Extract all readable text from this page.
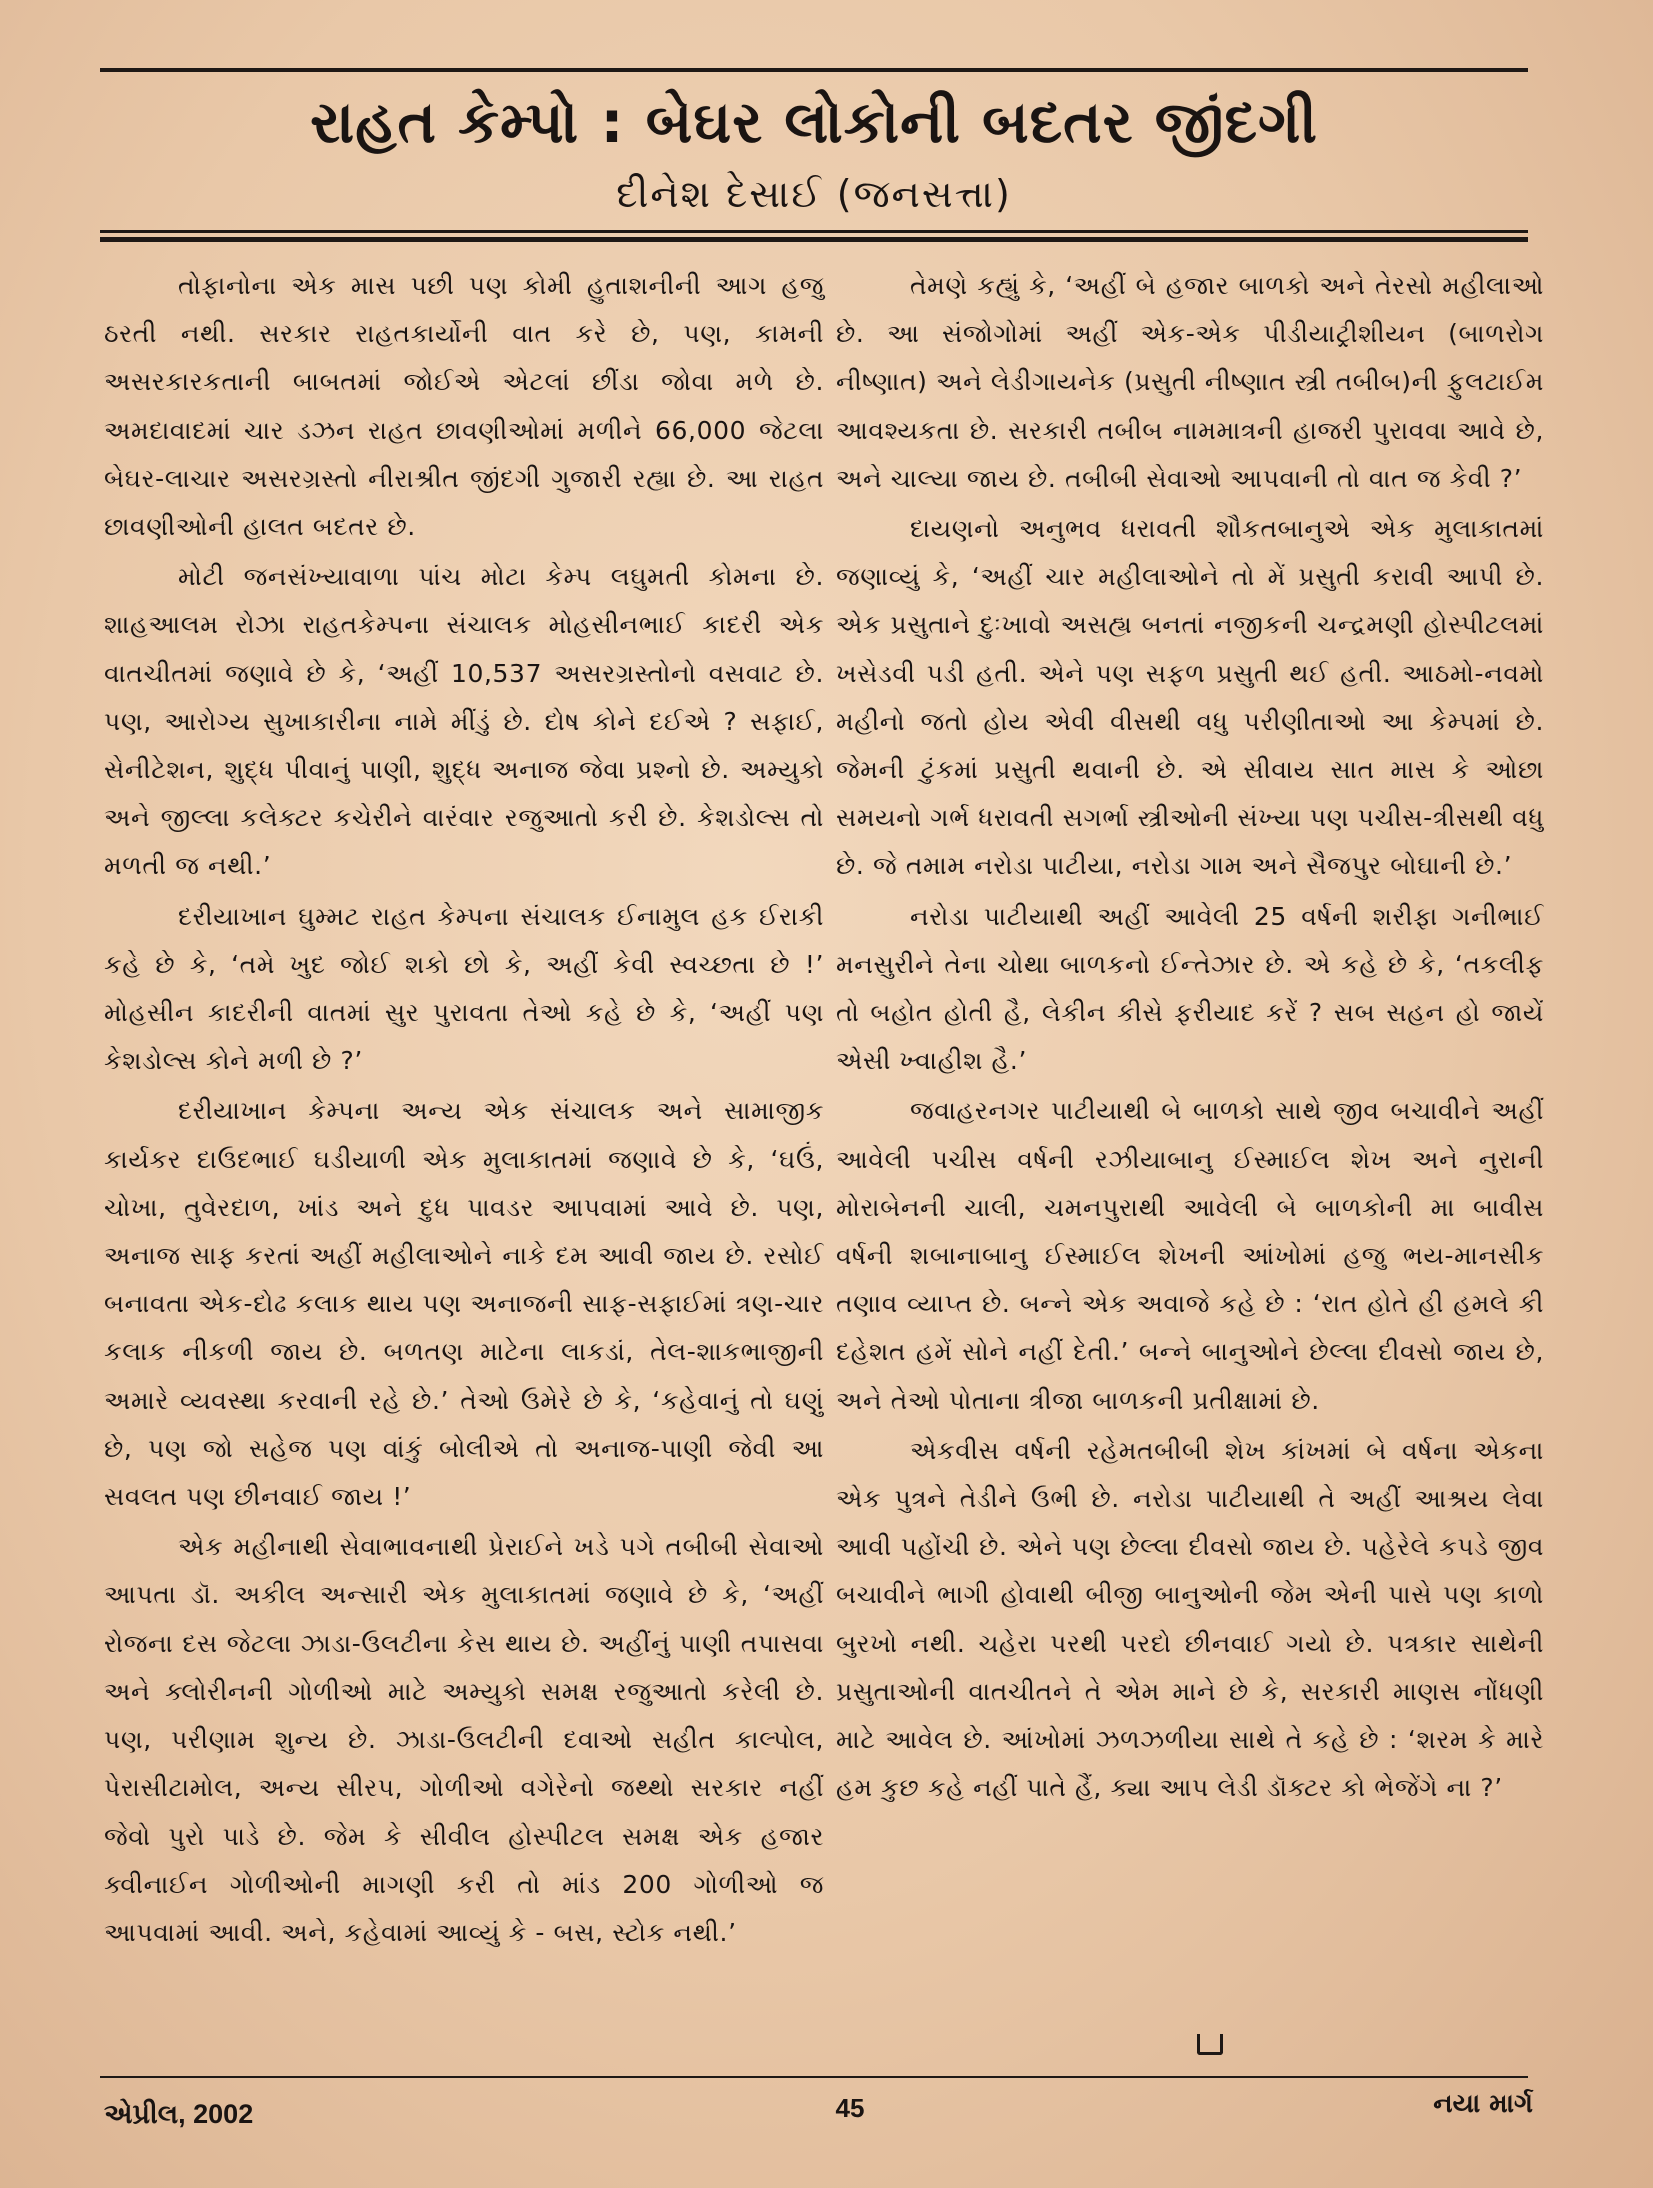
રાહત કેમ્પો : બેઘર લોકોની બદતર જીંદગી
દીનેશ દેસાઈ (જનસત્તા)

તોફાનોના એક માસ પછી પણ કોમી હુતાશનીની આગ હજુ ઠરતી નથી. સરકાર રાહતકાર્યોની વાત કરે છે, પણ, કામની અસરકારકતાની બાબતમાં જોઈએ એટલાં છીંડા જોવા મળે છે. અમદાવાદમાં ચાર ડઝન રાહત છાવણીઓમાં મળીને 66,000 જેટલા બેઘર-લાચાર અસરગ્રસ્તો નીરાશ્રીત જીંદગી ગુજારી રહ્યા છે. આ રાહત છાવણીઓની હાલત બદતર છે.

મોટી જનસંખ્યાવાળા પાંચ મોટા કેમ્પ લઘુમતી કોમના છે. શાહઆલમ રોઝા રાહતકેમ્પના સંચાલક મોહસીનભાઈ કાદરી એક વાતચીતમાં જણાવે છે કે, ‘અહીં 10,537 અસરગ્રસ્તોનો વસવાટ છે. પણ, આરોગ્ય સુખાકારીના નામે મીંડું છે. દોષ કોને દઈએ ? સફાઈ, સેનીટેશન, શુદ્ધ પીવાનું પાણી, શુદ્ધ અનાજ જેવા પ્રશ્નો છે. અમ્યુકો અને જીલ્લા કલેક્ટર કચેરીને વારંવાર રજુઆતો કરી છે. કેશડોલ્સ તો મળતી જ નથી.’

દરીયાખાન ઘુમ્મટ રાહત કેમ્પના સંચાલક ઈનામુલ હક ઈરાકી કહે છે કે, ‘તમે ખુદ જોઈ શકો છો કે, અહીં કેવી સ્વચ્છતા છે !’ મોહસીન કાદરીની વાતમાં સુર પુરાવતા તેઓ કહે છે કે, ‘અહીં પણ કેશડોલ્સ કોને મળી છે ?’

દરીયાખાન કેમ્પના અન્ય એક સંચાલક અને સામાજીક કાર્યકર દાઉદભાઈ ઘડીયાળી એક મુલાકાતમાં જણાવે છે કે, ‘ઘઉં, ચોખા, તુવેરદાળ, ખાંડ અને દુધ પાવડર આપવામાં આવે છે. પણ, અનાજ સાફ કરતાં અહીં મહીલાઓને નાકે દમ આવી જાય છે. રસોઈ બનાવતા એક-દોઢ કલાક થાય પણ અનાજની સાફ-સફાઈમાં ત્રણ-ચાર કલાક નીકળી જાય છે. બળતણ માટેના લાકડાં, તેલ-શાકભાજીની અમારે વ્યવસ્થા કરવાની રહે છે.’ તેઓ ઉમેરે છે કે, ‘કહેવાનું તો ઘણું છે, પણ જો સહેજ પણ વાંકું બોલીએ તો અનાજ-પાણી જેવી આ સવલત પણ છીનવાઈ જાય !’

એક મહીનાથી સેવાભાવનાથી પ્રેરાઈને ખડે પગે તબીબી સેવાઓ આપતા ડૉ. અકીલ અન્સારી એક મુલાકાતમાં જણાવે છે કે, ‘અહીં રોજના દસ જેટલા ઝાડા-ઉલટીના કેસ થાય છે. અહીંનું પાણી તપાસવા અને ક્લોરીનની ગોળીઓ માટે અમ્યુકો સમક્ષ રજુઆતો કરેલી છે. પણ, પરીણામ શુન્ય છે. ઝાડા-ઉલટીની દવાઓ સહીત કાલ્પોલ, પેરાસીટામોલ, અન્ય સીરપ, ગોળીઓ વગેરેનો જથ્થો સરકાર નહીં જેવો પુરો પાડે છે. જેમ કે સીવીલ હોસ્પીટલ સમક્ષ એક હજાર ક્વીનાઈન ગોળીઓની માગણી કરી તો માંડ 200 ગોળીઓ જ આપવામાં આવી. અને, કહેવામાં આવ્યું કે - બસ, સ્ટોક નથી.’

તેમણે કહ્યું કે, ‘અહીં બે હજાર બાળકો અને તેરસો મહીલાઓ છે. આ સંજોગોમાં અહીં એક-એક પીડીયાટ્રીશીયન (બાળરોગ નીષ્ણાત) અને લેડીગાયનેક (પ્રસુતી નીષ્ણાત સ્ત્રી તબીબ)ની ફુલટાઈમ આવશ્યકતા છે. સરકારી તબીબ નામમાત્રની હાજરી પુરાવવા આવે છે, અને ચાલ્યા જાય છે. તબીબી સેવાઓ આપવાની તો વાત જ કેવી ?’

દાયણનો અનુભવ ધરાવતી શૌકતબાનુએ એક મુલાકાતમાં જણાવ્યું કે, ‘અહીં ચાર મહીલાઓને તો મેં પ્રસુતી કરાવી આપી છે. એક પ્રસુતાને દુઃખાવો અસહ્ય બનતાં નજીકની ચન્દ્રમણી હોસ્પીટલમાં ખસેડવી પડી હતી. એને પણ સફળ પ્રસુતી થઈ હતી. આઠમો-નવમો મહીનો જતો હોય એવી વીસથી વધુ પરીણીતાઓ આ કેમ્પમાં છે. જેમની ટુંકમાં પ્રસુતી થવાની છે. એ સીવાય સાત માસ કે ઓછા સમયનો ગર્ભ ધરાવતી સગર્ભા સ્ત્રીઓની સંખ્યા પણ પચીસ-ત્રીસથી વધુ છે. જે તમામ નરોડા પાટીયા, નરોડા ગામ અને સૈજપુર બોઘાની છે.’

નરોડા પાટીયાથી અહીં આવેલી 25 વર્ષની શરીફા ગનીભાઈ મનસુરીને તેના ચોથા બાળકનો ઈન્તેઝાર છે. એ કહે છે કે, ‘તકલીફ તો બહોત હોતી હૈ, લેકીન કીસે ફરીયાદ કરેં ? સબ સહન હો જાયેં એસી ખ્વાહીશ હૈ.’

જવાહરનગર પાટીયાથી બે બાળકો સાથે જીવ બચાવીને અહીં આવેલી પચીસ વર્ષની રઝીયાબાનુ ઈસ્માઈલ શેખ અને નુરાની મોરાબેનની ચાલી, ચમનપુરાથી આવેલી બે બાળકોની મા બાવીસ વર્ષની શબાનાબાનુ ઈસ્માઈલ શેખની આંખોમાં હજુ ભય-માનસીક તણાવ વ્યાપ્ત છે. બન્ને એક અવાજે કહે છે : ‘રાત હોતે હી હમલે કી દહેશત હમેં સોને નહીં દેતી.’ બન્ને બાનુઓને છેલ્લા દીવસો જાય છે, અને તેઓ પોતાના ત્રીજા બાળકની પ્રતીક્ષામાં છે.

એકવીસ વર્ષની રહેમતબીબી શેખ કાંખમાં બે વર્ષના એકના એક પુત્રને તેડીને ઉભી છે. નરોડા પાટીયાથી તે અહીં આશ્રય લેવા આવી પહોંચી છે. એને પણ છેલ્લા દીવસો જાય છે. પહેરેલે કપડે જીવ બચાવીને ભાગી હોવાથી બીજી બાનુઓની જેમ એની પાસે પણ કાળો બુરખો નથી. ચહેરા પરથી પરદો છીનવાઈ ગયો છે. પત્રકાર સાથેની પ્રસુતાઓની વાતચીતને તે એમ માને છે કે, સરકારી માણસ નોંધણી માટે આવેલ છે. આંખોમાં ઝળઝળીયા સાથે તે કહે છે : ‘શરમ કે મારે હમ કુછ કહે નહીં પાતે હૈં, ક્યા આપ લેડી ડૉક્ટર કો ભેજેંગે ના ?’

એપ્રીલ, 2002	45	નયા માર્ગ
